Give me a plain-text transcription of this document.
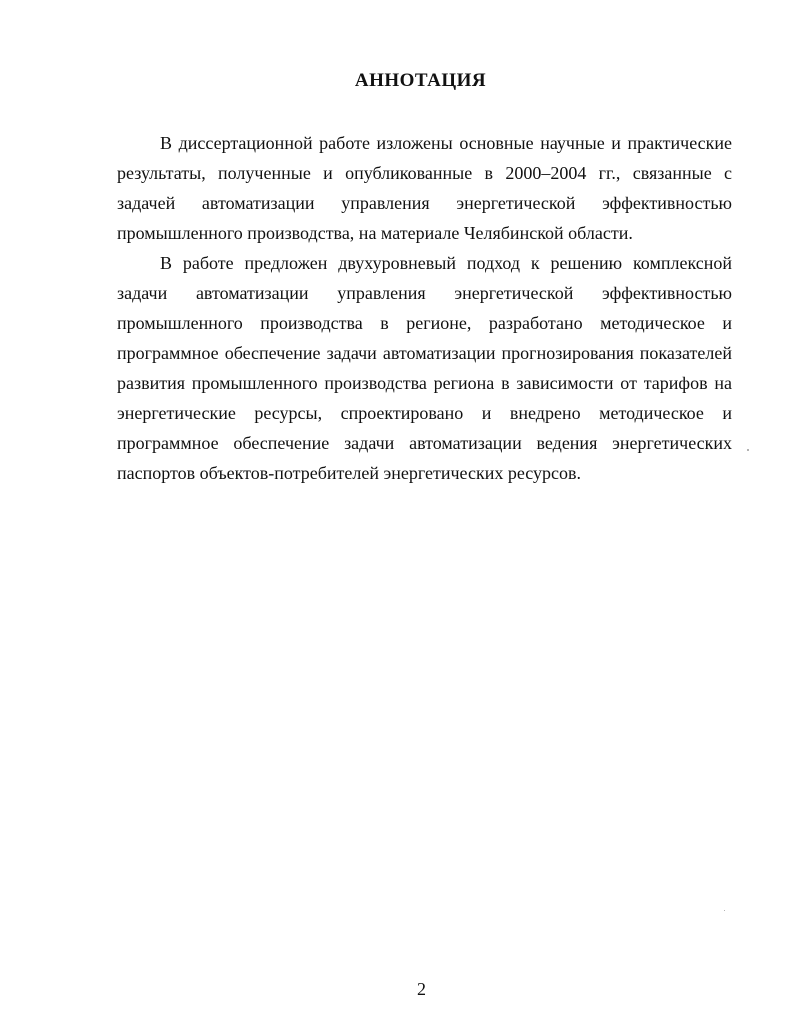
АННОТАЦИЯ

В диссертационной работе изложены основные научные и практические результаты, полученные и опубликованные в 2000–2004 гг., связанные с задачей автоматизации управления энергетической эффективностью промышленного производства, на материале Челябинской области.

В работе предложен двухуровневый подход к решению комплексной задачи автоматизации управления энергетической эффективностью промышленного производства в регионе, разработано методическое и программное обеспечение задачи автоматизации прогнозирования показателей развития промышленного производства региона в зависимости от тарифов на энергетические ресурсы, спроектировано и внедрено методическое и программное обеспечение задачи автоматизации ведения энергетических паспортов объектов-потребителей энергетических ресурсов.

2
